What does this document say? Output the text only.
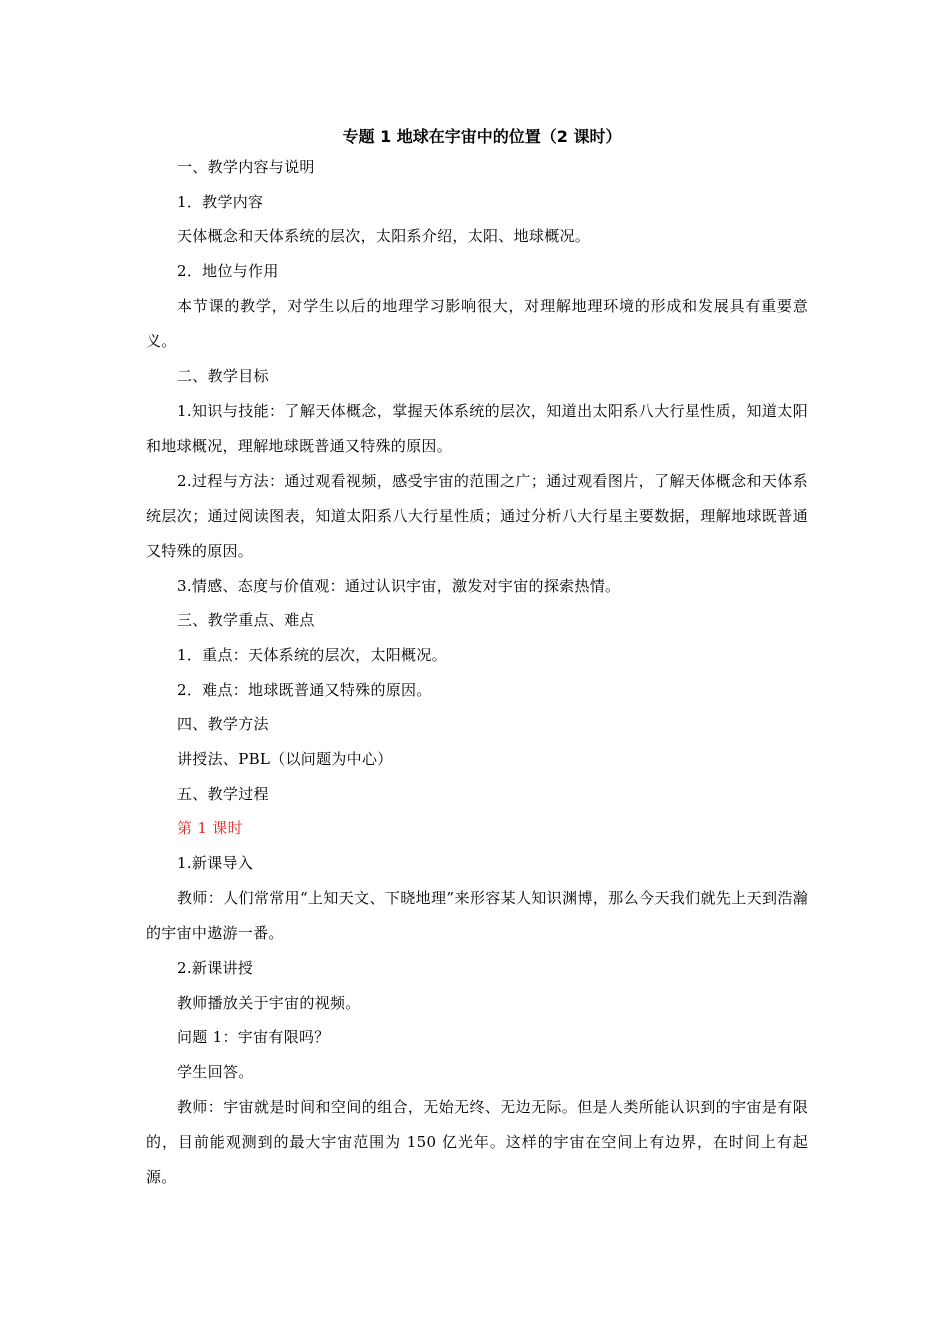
专题 1 地球在宇宙中的位置（2 课时）

一、教学内容与说明

1．教学内容

天体概念和天体系统的层次，太阳系介绍，太阳、地球概况。

2．地位与作用

本节课的教学，对学生以后的地理学习影响很大，对理解地理环境的形成和发展具有重要意义。

二、教学目标

1.知识与技能：了解天体概念，掌握天体系统的层次，知道出太阳系八大行星性质，知道太阳和地球概况，理解地球既普通又特殊的原因。

2.过程与方法：通过观看视频，感受宇宙的范围之广；通过观看图片，了解天体概念和天体系统层次；通过阅读图表，知道太阳系八大行星性质；通过分析八大行星主要数据，理解地球既普通又特殊的原因。

3.情感、态度与价值观：通过认识宇宙，激发对宇宙的探索热情。

三、教学重点、难点

1．重点：天体系统的层次，太阳概况。

2．难点：地球既普通又特殊的原因。

四、教学方法

讲授法、PBL（以问题为中心）

五、教学过程

第 1 课时

1.新课导入

教师：人们常常用“上知天文、下晓地理”来形容某人知识渊博，那么今天我们就先上天到浩瀚的宇宙中遨游一番。

2.新课讲授

教师播放关于宇宙的视频。

问题 1：宇宙有限吗？

学生回答。

教师：宇宙就是时间和空间的组合，无始无终、无边无际。但是人类所能认识到的宇宙是有限的，目前能观测到的最大宇宙范围为 150 亿光年。这样的宇宙在空间上有边界，在时间上有起源。
